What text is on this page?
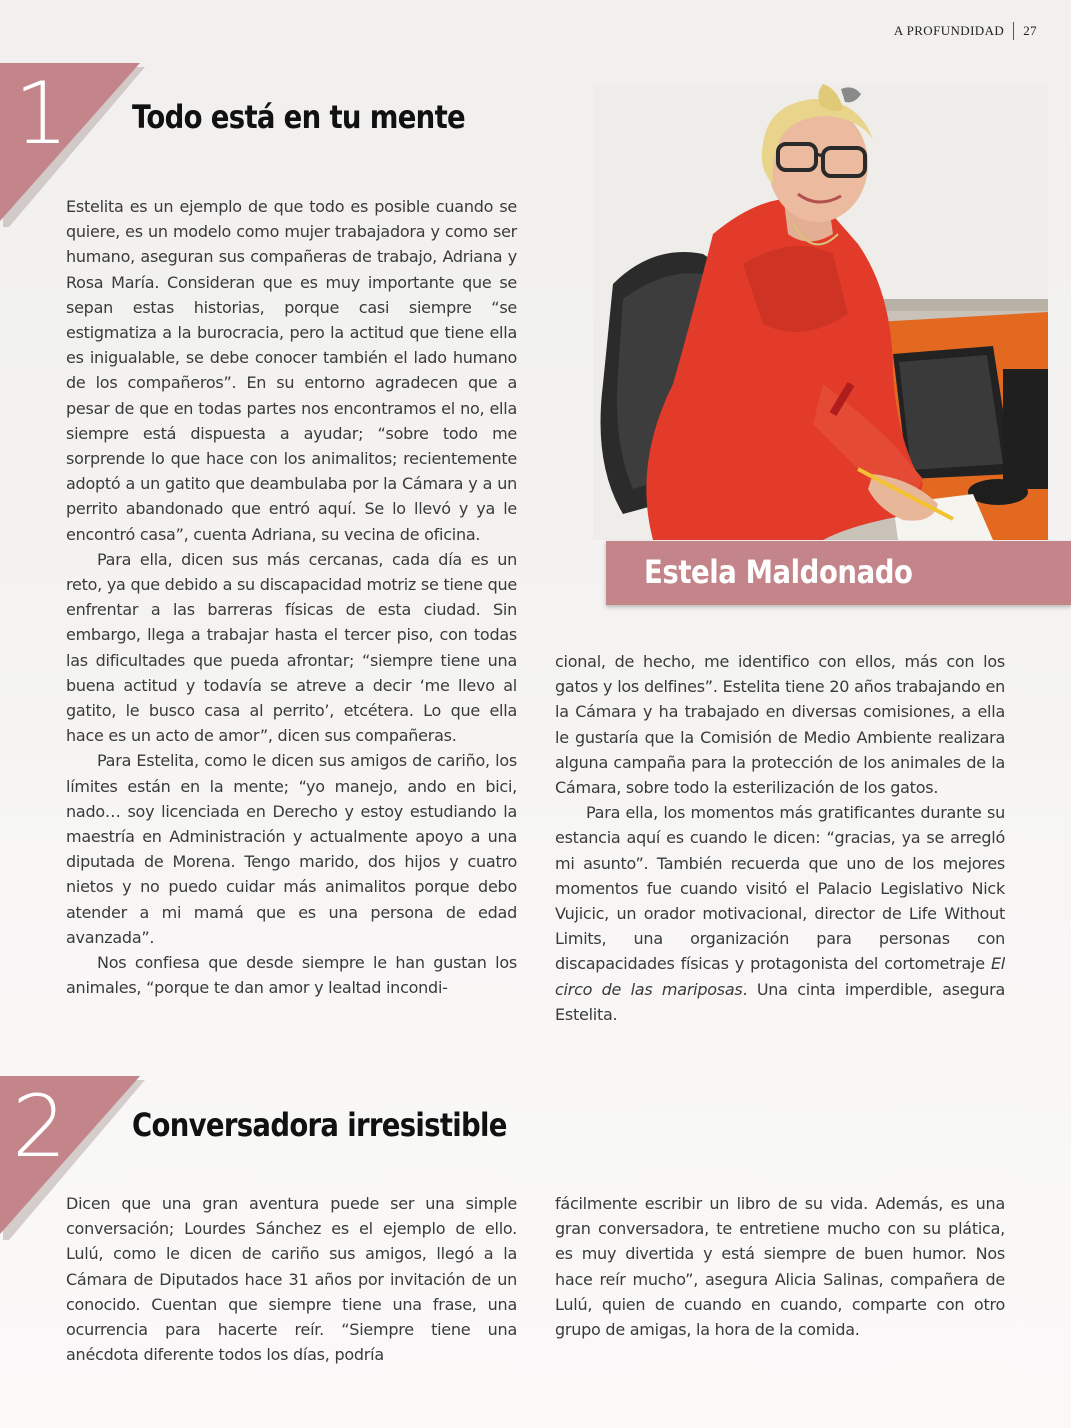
A PROFUNDIDAD 27
1 Todo está en tu mente

Estelita es un ejemplo de que todo es posible cuando se quiere, es un modelo como mujer trabajadora y como ser humano, aseguran sus compañeras de trabajo, Adriana y Rosa María. Consideran que es muy importante que se sepan estas historias, porque casi siempre “se estigmatiza a la burocracia, pero la actitud que tiene ella es inigualable, se debe conocer también el lado humano de los compañeros”. En su entorno agradecen que a pesar de que en todas partes nos encontramos el no, ella siempre está dispuesta a ayudar; “sobre todo me sorprende lo que hace con los animalitos; recientemente adoptó a un gatito que deambulaba por la Cámara y a un perrito abandonado que entró aquí. Se lo llevó y ya le encontró casa”, cuenta Adriana, su vecina de oficina.

Para ella, dicen sus más cercanas, cada día es un reto, ya que debido a su discapacidad motriz se tiene que enfrentar a las barreras físicas de esta ciudad. Sin embargo, llega a trabajar hasta el tercer piso, con todas las dificultades que pueda afrontar; “siempre tiene una buena actitud y todavía se atreve a decir ‘me llevo al gatito, le busco casa al perrito’, etcétera. Lo que ella hace es un acto de amor”, dicen sus compañeras.

Para Estelita, como le dicen sus amigos de cariño, los límites están en la mente; “yo manejo, ando en bici, nado… soy licenciada en Derecho y estoy estudiando la maestría en Administración y actualmente apoyo a una diputada de Morena. Tengo marido, dos hijos y cuatro nietos y no puedo cuidar más animalitos porque debo atender a mi mamá que es una persona de edad avanzada”.

Nos confiesa que desde siempre le han gustan los animales, “porque te dan amor y lealtad incondi-

Estela Maldonado

cional, de hecho, me identifico con ellos, más con los gatos y los delfines”. Estelita tiene 20 años trabajando en la Cámara y ha trabajado en diversas comisiones, a ella le gustaría que la Comisión de Medio Ambiente realizara alguna campaña para la protección de los animales de la Cámara, sobre todo la esterilización de los gatos.

Para ella, los momentos más gratificantes durante su estancia aquí es cuando le dicen: “gracias, ya se arregló mi asunto”. También recuerda que uno de los mejores momentos fue cuando visitó el Palacio Legislativo Nick Vujicic, un orador motivacional, director de Life Without Limits, una organización para personas con discapacidades físicas y protagonista del cortometraje El circo de las mariposas. Una cinta imperdible, asegura Estelita.

2 Conversadora irresistible

Dicen que una gran aventura puede ser una simple conversación; Lourdes Sánchez es el ejemplo de ello. Lulú, como le dicen de cariño sus amigos, llegó a la Cámara de Diputados hace 31 años por invitación de un conocido. Cuentan que siempre tiene una frase, una ocurrencia para hacerte reír. “Siempre tiene una anécdota diferente todos los días, podría

fácilmente escribir un libro de su vida. Además, es una gran conversadora, te entretiene mucho con su plática, es muy divertida y está siempre de buen humor. Nos hace reír mucho”, asegura Alicia Salinas, compañera de Lulú, quien de cuando en cuando, comparte con otro grupo de amigas, la hora de la comida.
